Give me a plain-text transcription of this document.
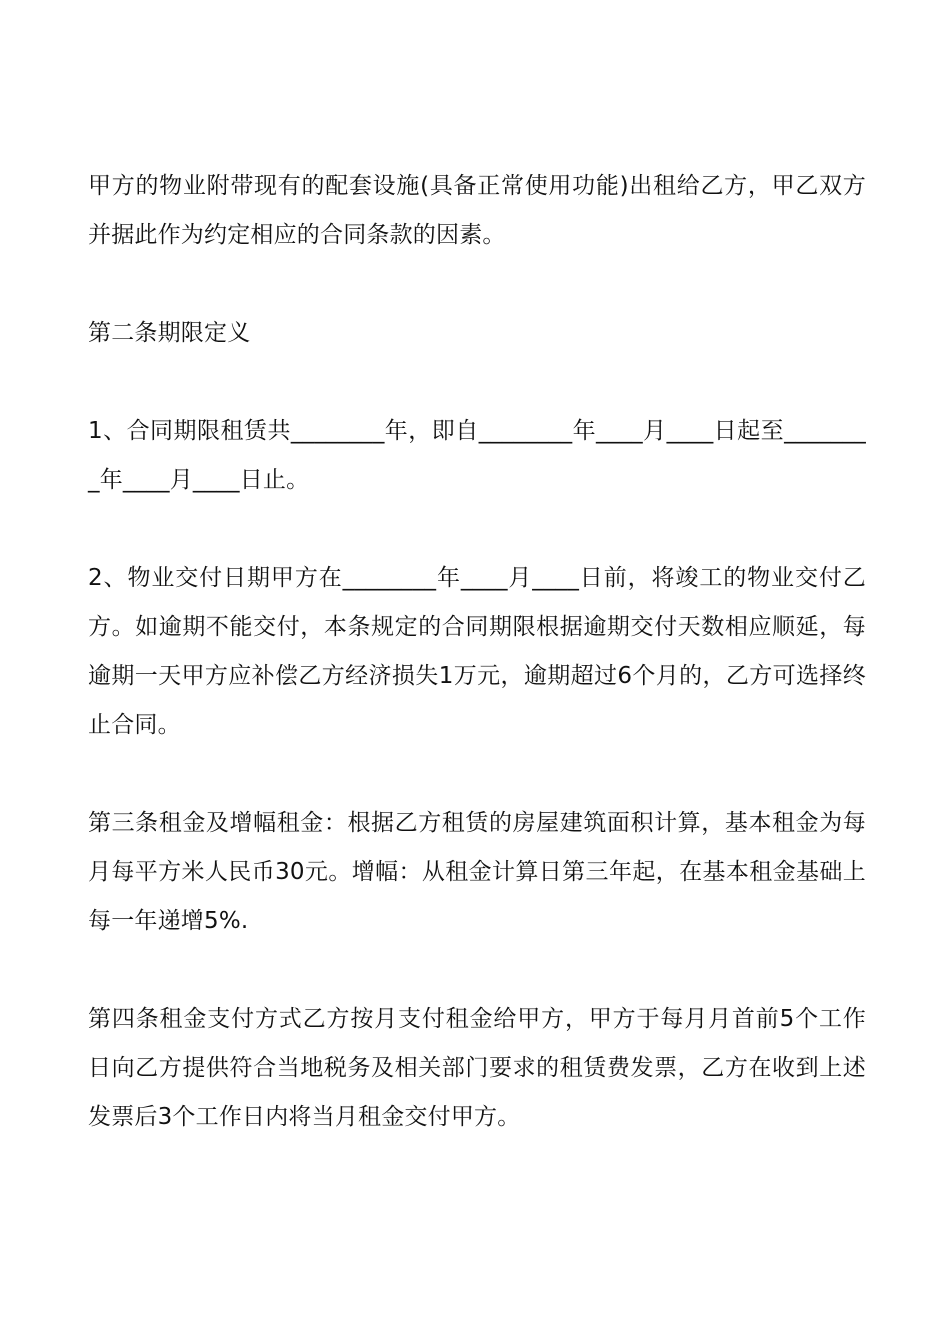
甲方的物业附带现有的配套设施(具备正常使用功能)出租给乙方，甲乙双方并据此作为约定相应的合同条款的因素。

第二条期限定义

1、合同期限租赁共________年，即自________年____月____日起至________年____月____日止。

2、物业交付日期甲方在________年____月____日前，将竣工的物业交付乙方。如逾期不能交付，本条规定的合同期限根据逾期交付天数相应顺延，每逾期一天甲方应补偿乙方经济损失1万元，逾期超过6个月的，乙方可选择终止合同。

第三条租金及增幅租金：根据乙方租赁的房屋建筑面积计算，基本租金为每月每平方米人民币30元。增幅：从租金计算日第三年起，在基本租金基础上每一年递增5%.

第四条租金支付方式乙方按月支付租金给甲方，甲方于每月月首前5个工作日向乙方提供符合当地税务及相关部门要求的租赁费发票，乙方在收到上述发票后3个工作日内将当月租金交付甲方。
